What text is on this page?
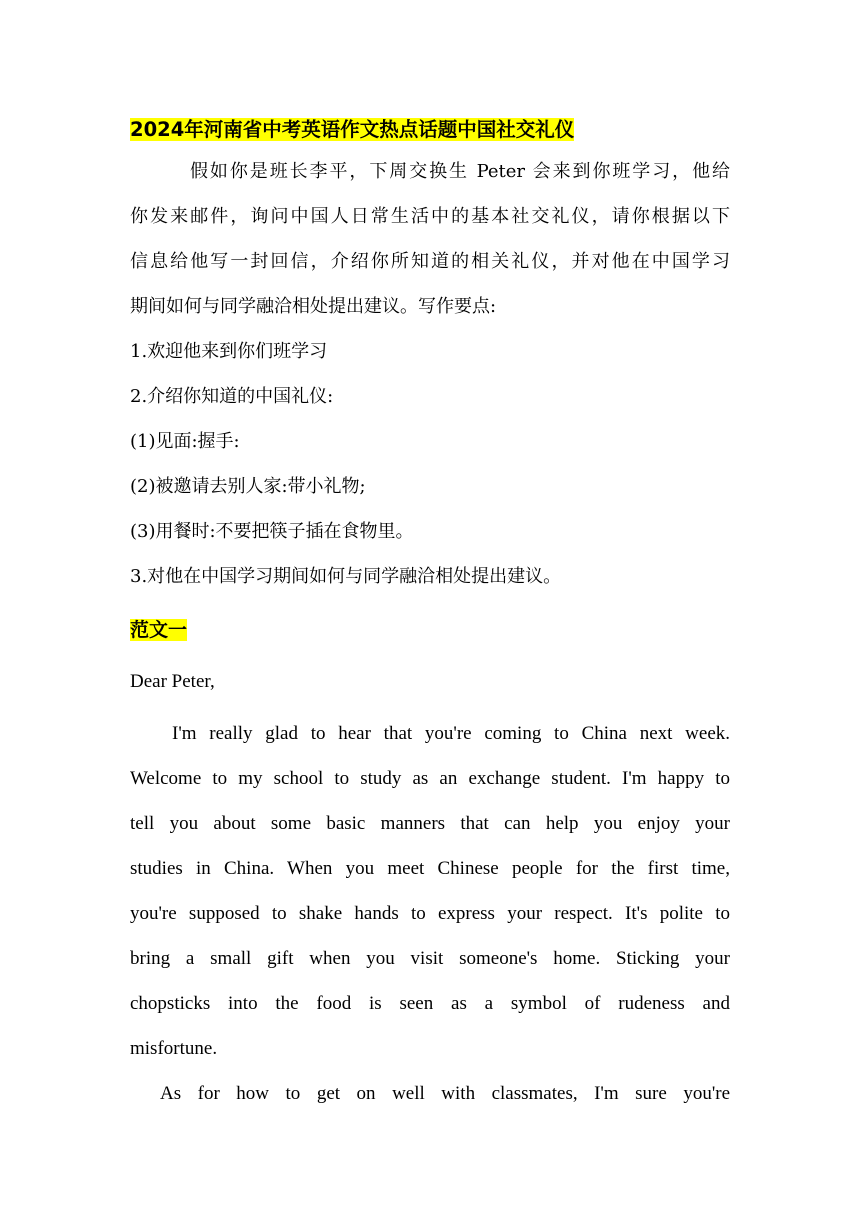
2024年河南省中考英语作文热点话题中国社交礼仪

假如你是班长李平，下周交换生 Peter 会来到你班学习，他给

你发来邮件，询问中国人日常生活中的基本社交礼仪，请你根据以下

信息给他写一封回信，介绍你所知道的相关礼仪，并对他在中国学习

期间如何与同学融洽相处提出建议。写作要点:

1.欢迎他来到你们班学习

2.介绍你知道的中国礼仪:

(1)见面:握手:

(2)被邀请去别人家:带小礼物;

(3)用餐时:不要把筷子插在食物里。

3.对他在中国学习期间如何与同学融洽相处提出建议。

范文一

Dear Peter,

I'm really glad to hear that you're coming to China next week.

Welcome to my school to study as an exchange student. I'm happy to

tell you about some basic manners that can help you enjoy your

studies in China. When you meet Chinese people for the first time,

you're supposed to shake hands to express your respect. It's polite to

bring a small gift when you visit someone's home. Sticking your

chopsticks into the food is seen as a symbol of rudeness and

misfortune.

As for how to get on well with classmates, I'm sure you're
